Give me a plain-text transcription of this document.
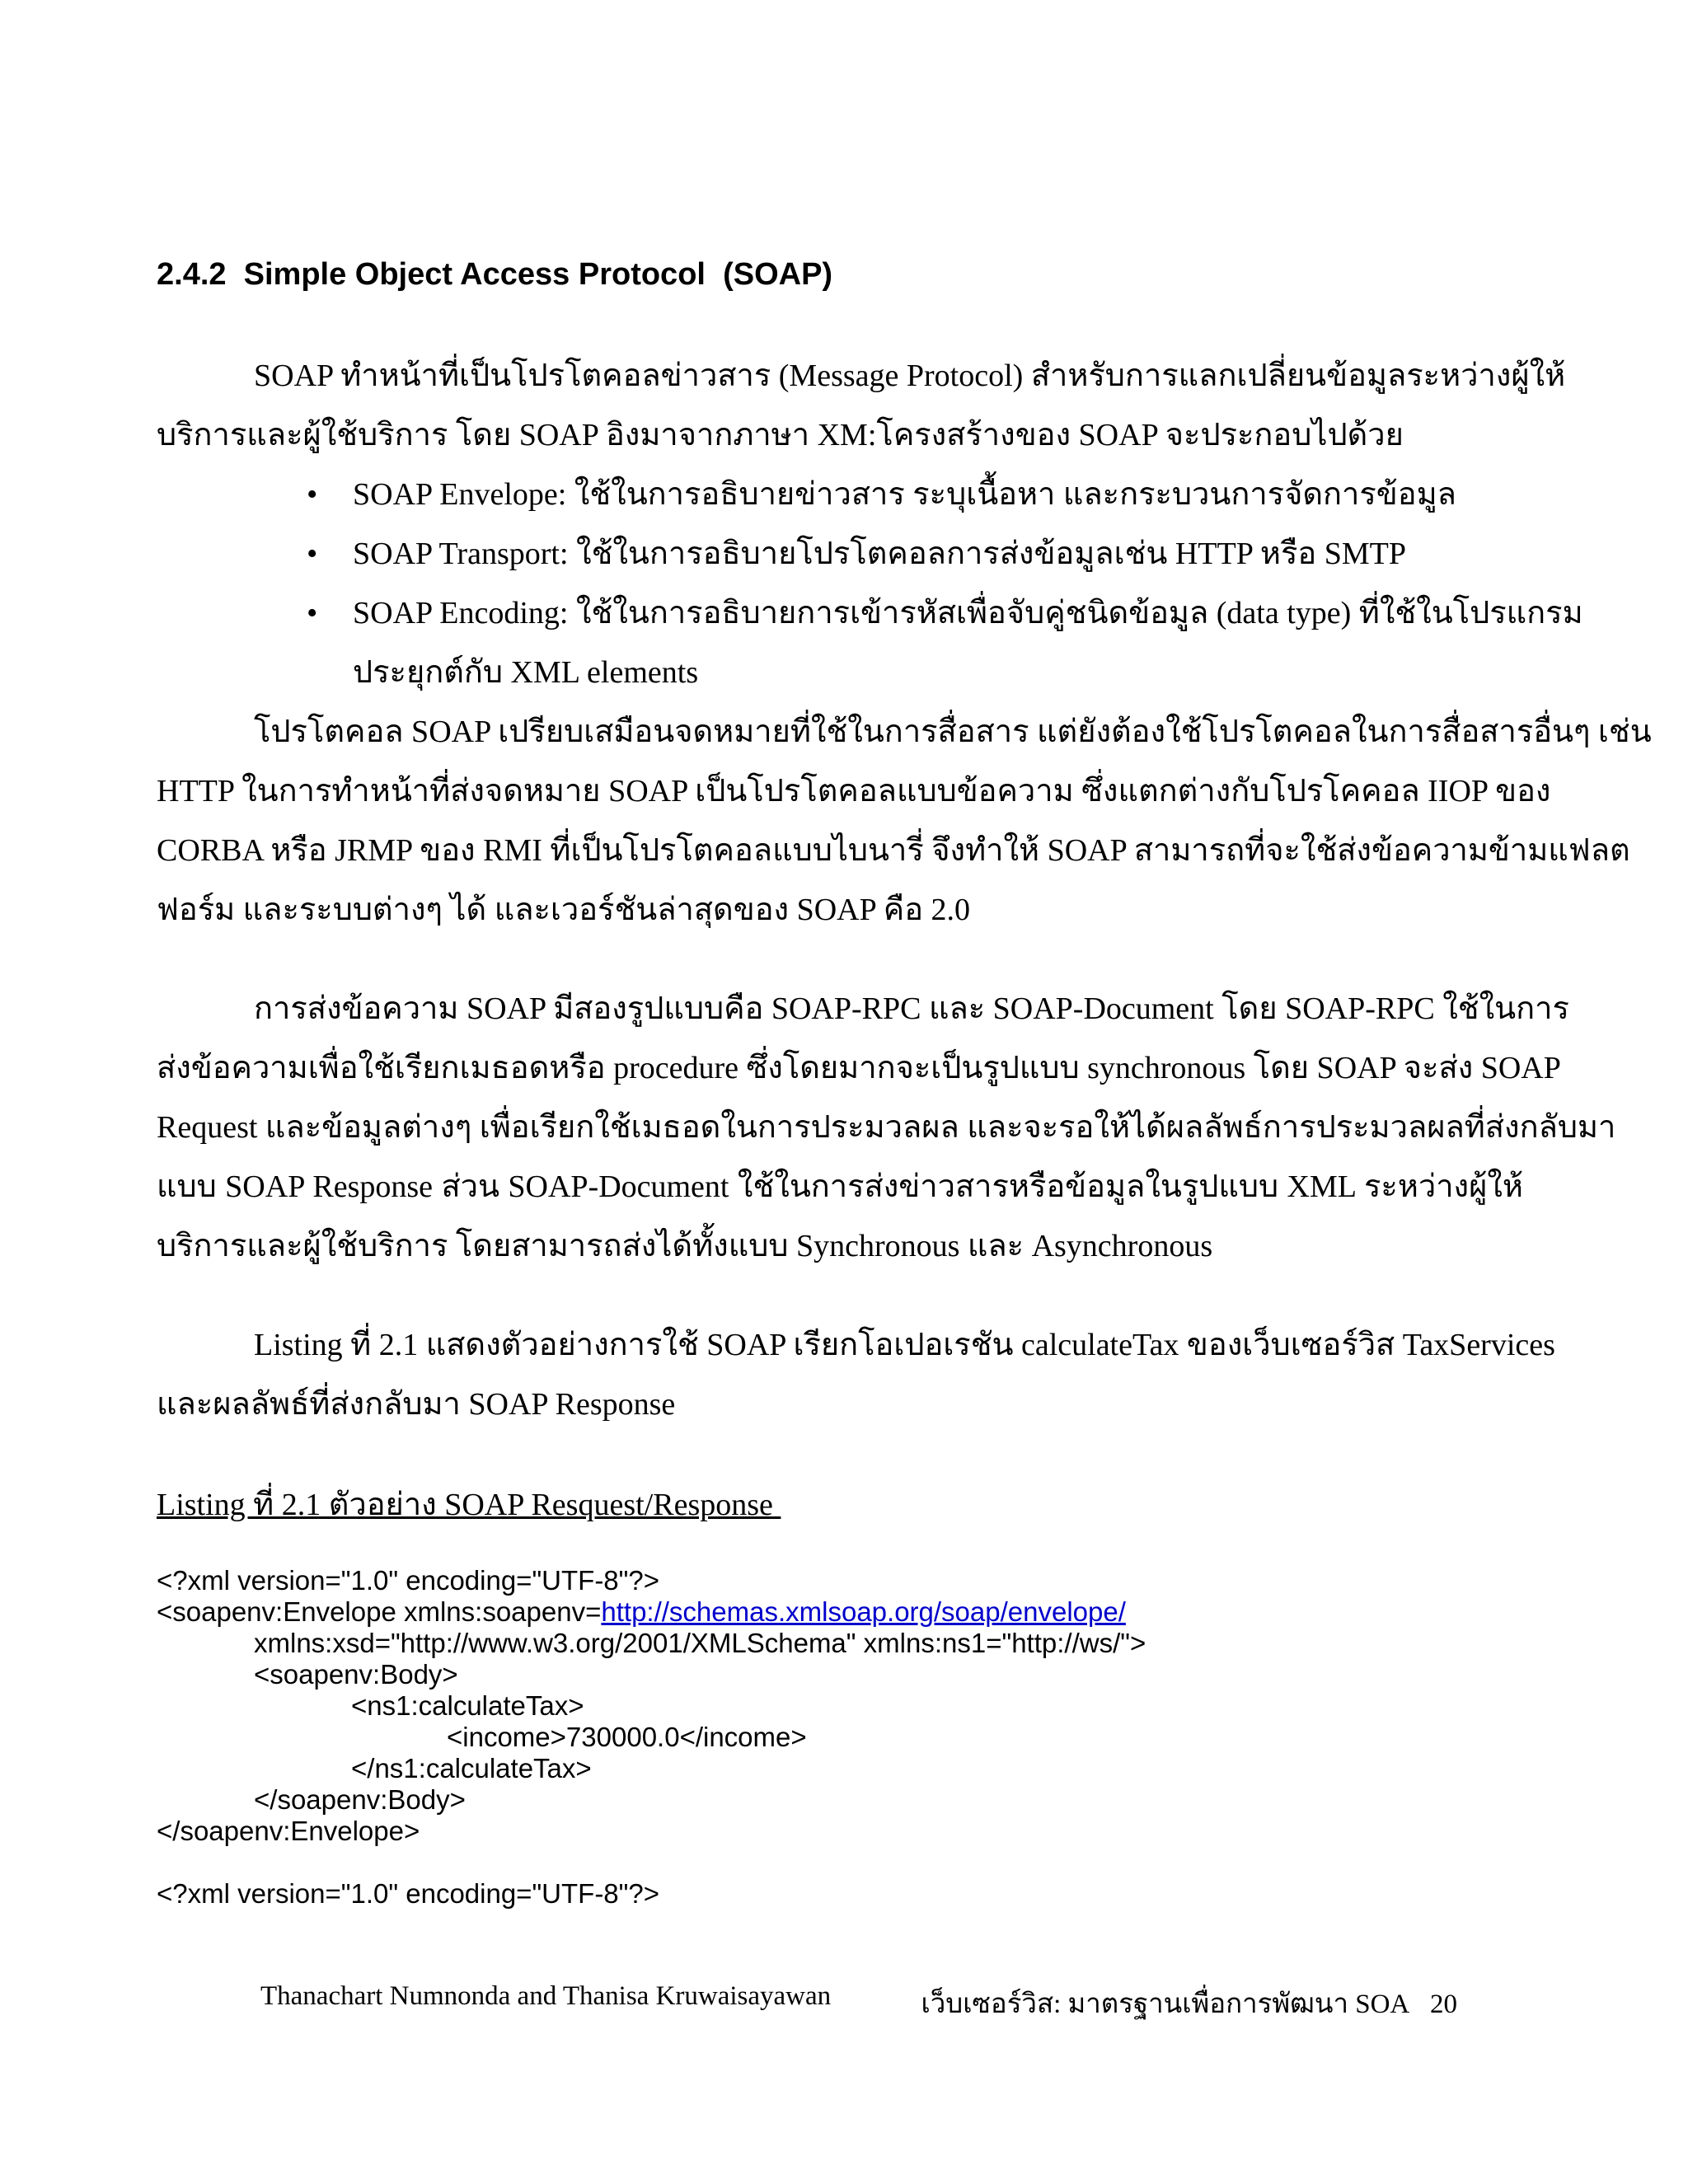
2.4.2  Simple Object Access Protocol  (SOAP)
SOAP ทำหน้าที่เป็นโปรโตคอลข่าวสาร (Message Protocol) สำหรับการแลกเปลี่ยนข้อมูลระหว่างผู้ให้
บริการและผู้ใช้บริการ โดย SOAP อิงมาจากภาษา XM:โครงสร้างของ SOAP จะประกอบไปด้วย
• SOAP Envelope: ใช้ในการอธิบายข่าวสาร ระบุเนื้อหา และกระบวนการจัดการข้อมูล
• SOAP Transport: ใช้ในการอธิบายโปรโตคอลการส่งข้อมูลเช่น HTTP หรือ SMTP
• SOAP Encoding: ใช้ในการอธิบายการเข้ารหัสเพื่อจับคู่ชนิดข้อมูล (data type) ที่ใช้ในโปรแกรม
ประยุกต์กับ XML elements
โปรโตคอล SOAP เปรียบเสมือนจดหมายที่ใช้ในการสื่อสาร แต่ยังต้องใช้โปรโตคอลในการสื่อสารอื่นๆ เช่น
HTTP ในการทำหน้าที่ส่งจดหมาย SOAP เป็นโปรโตคอลแบบข้อความ ซึ่งแตกต่างกับโปรโคคอล IIOP ของ
CORBA หรือ JRMP ของ RMI ที่เป็นโปรโตคอลแบบไบนารี่ จึงทำให้ SOAP สามารถที่จะใช้ส่งข้อความข้ามแฟลต
ฟอร์ม และระบบต่างๆ ได้ และเวอร์ชันล่าสุดของ SOAP คือ 2.0
การส่งข้อความ SOAP มีสองรูปแบบคือ SOAP-RPC และ SOAP-Document โดย SOAP-RPC ใช้ในการ
ส่งข้อความเพื่อใช้เรียกเมธอดหรือ procedure ซึ่งโดยมากจะเป็นรูปแบบ synchronous โดย SOAP จะส่ง SOAP
Request และข้อมูลต่างๆ เพื่อเรียกใช้เมธอดในการประมวลผล และจะรอให้ได้ผลลัพธ์การประมวลผลที่ส่งกลับมา
แบบ SOAP Response ส่วน SOAP-Document ใช้ในการส่งข่าวสารหรือข้อมูลในรูปแบบ XML ระหว่างผู้ให้
บริการและผู้ใช้บริการ โดยสามารถส่งได้ทั้งแบบ Synchronous และ Asynchronous
Listing ที่ 2.1 แสดงตัวอย่างการใช้ SOAP เรียกโอเปอเรชัน calculateTax ของเว็บเซอร์วิส TaxServices
และผลลัพธ์ที่ส่งกลับมา SOAP Response
Listing ที่ 2.1 ตัวอย่าง SOAP Resquest/Response
<?xml version="1.0" encoding="UTF-8"?>
<soapenv:Envelope xmlns:soapenv=http://schemas.xmlsoap.org/soap/envelope/
xmlns:xsd="http://www.w3.org/2001/XMLSchema" xmlns:ns1="http://ws/">
<soapenv:Body>
<ns1:calculateTax>
<income>730000.0</income>
</ns1:calculateTax>
</soapenv:Body>
</soapenv:Envelope>
<?xml version="1.0" encoding="UTF-8"?>
Thanachart Numnonda and Thanisa Kruwaisayawan	เว็บเซอร์วิส: มาตรฐานเพื่อการพัฒนา SOA 20
